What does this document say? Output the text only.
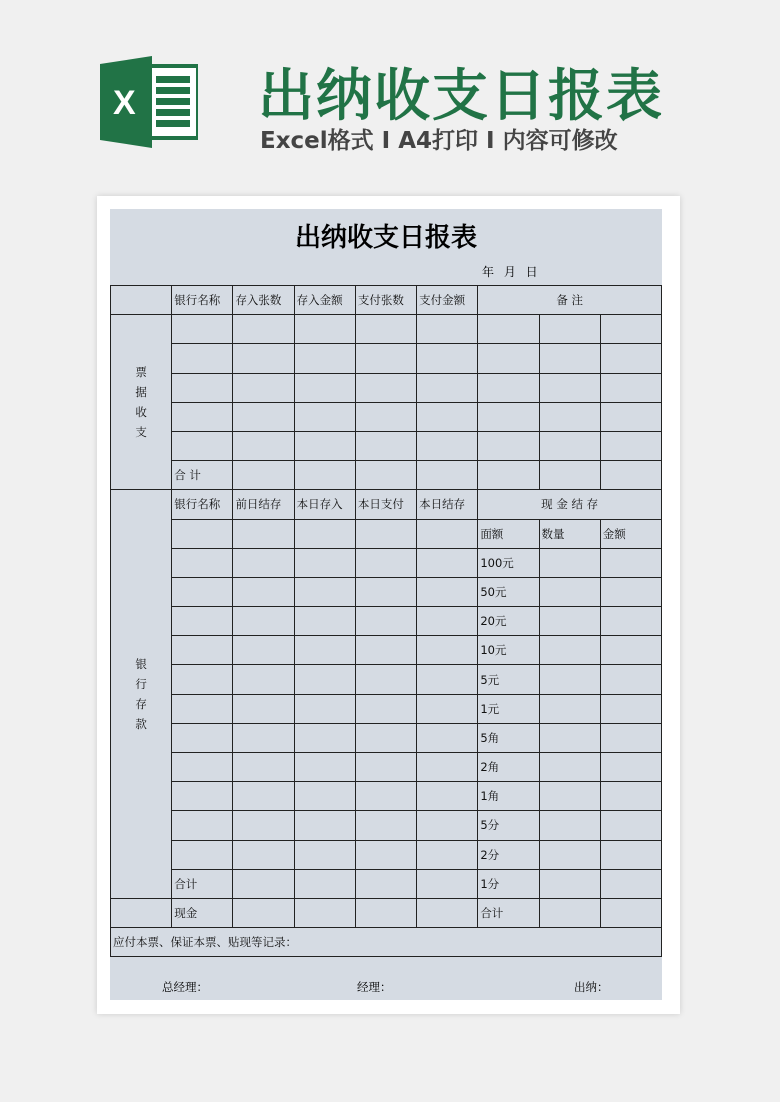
X 出纳收支日报表
Excel格式 I A4打印 I 内容可修改
出纳收支日报表
年 月 日
	银行名称	存入张数	存入金额	支付张数	支付金额	备 注

票据收支

合 计							

银行存款
	银行名称	前日结存	本日存入	本日支付	本日结存	现 金 结 存
					面额	数量	金额
					100元		
					50元		
					20元		
					10元		
					5元		
					1元		
					5角		
					2角		
					1角		
					5分		
					2分		
合计					1分		
	现金					合计		
应付本票、保证本票、贴现等记录：
总经理：	经理：	出纳：
